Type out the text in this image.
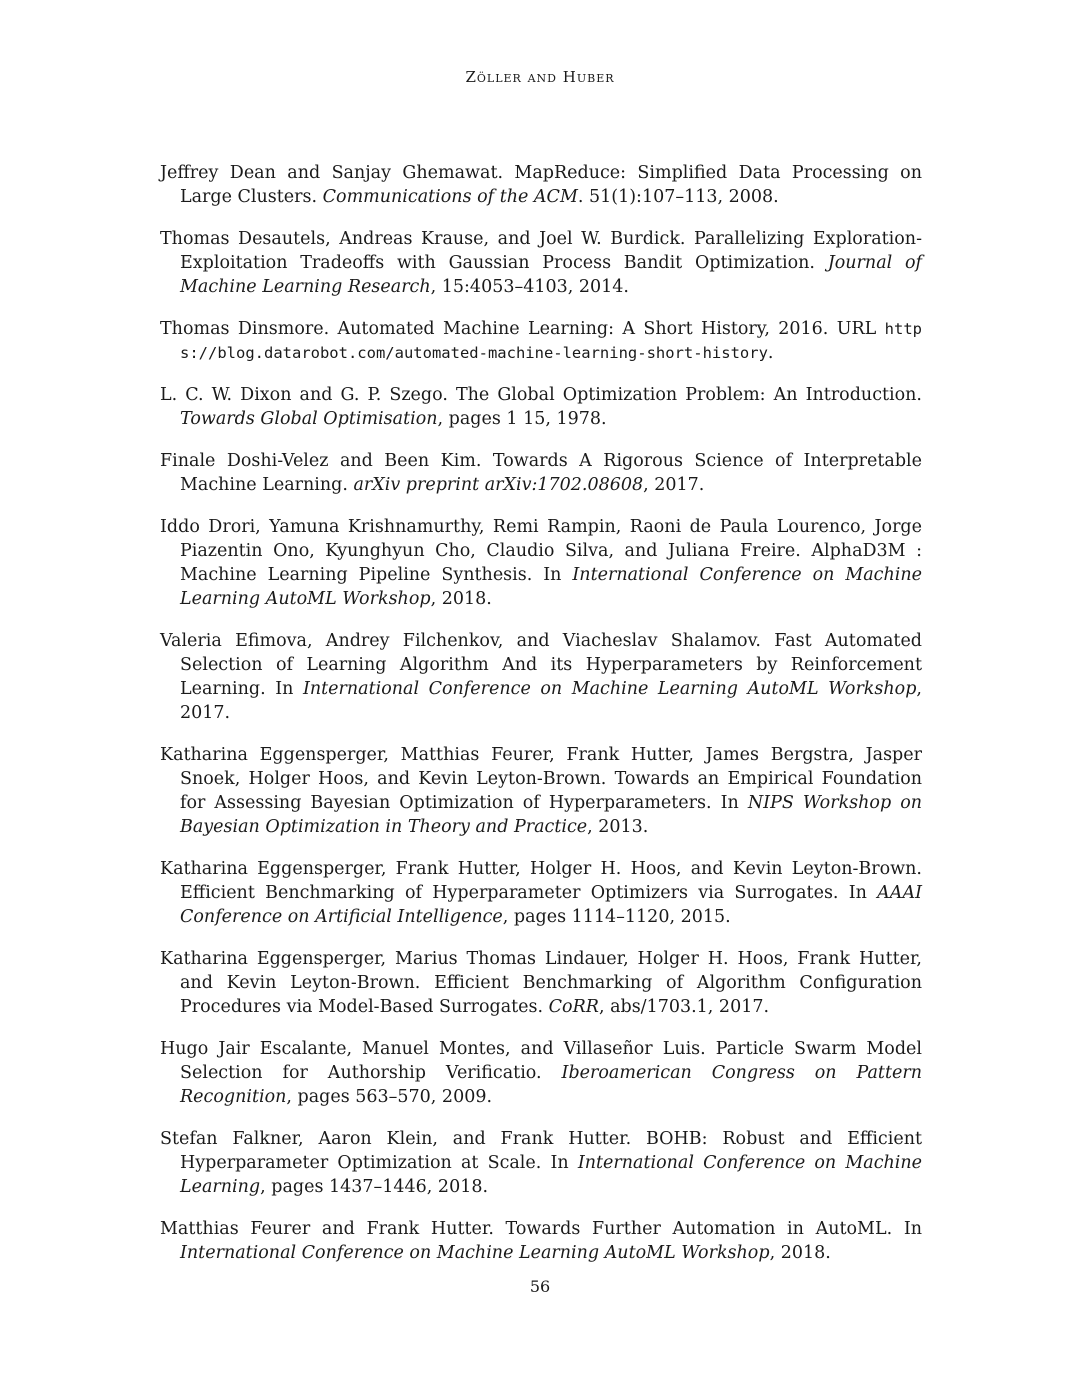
Zöller and Huber
Jeffrey Dean and Sanjay Ghemawat. MapReduce: Simplified Data Processing on Large Clusters. Communications of the ACM. 51(1):107–113, 2008.
Thomas Desautels, Andreas Krause, and Joel W. Burdick. Parallelizing Exploration-Exploitation Tradeoffs with Gaussian Process Bandit Optimization. Journal of Machine Learning Research, 15:4053–4103, 2014.
Thomas Dinsmore. Automated Machine Learning: A Short History, 2016. URL https://blog.datarobot.com/automated-machine-learning-short-history.
L. C. W. Dixon and G. P. Szego. The Global Optimization Problem: An Introduction. Towards Global Optimisation, pages 1 15, 1978.
Finale Doshi-Velez and Been Kim. Towards A Rigorous Science of Interpretable Machine Learning. arXiv preprint arXiv:1702.08608, 2017.
Iddo Drori, Yamuna Krishnamurthy, Remi Rampin, Raoni de Paula Lourenco, Jorge Piazentin Ono, Kyunghyun Cho, Claudio Silva, and Juliana Freire. AlphaD3M : Machine Learning Pipeline Synthesis. In International Conference on Machine Learning AutoML Workshop, 2018.
Valeria Efimova, Andrey Filchenkov, and Viacheslav Shalamov. Fast Automated Selection of Learning Algorithm And its Hyperparameters by Reinforcement Learning. In International Conference on Machine Learning AutoML Workshop, 2017.
Katharina Eggensperger, Matthias Feurer, Frank Hutter, James Bergstra, Jasper Snoek, Holger Hoos, and Kevin Leyton-Brown. Towards an Empirical Foundation for Assessing Bayesian Optimization of Hyperparameters. In NIPS Workshop on Bayesian Optimization in Theory and Practice, 2013.
Katharina Eggensperger, Frank Hutter, Holger H. Hoos, and Kevin Leyton-Brown. Efficient Benchmarking of Hyperparameter Optimizers via Surrogates. In AAAI Conference on Artificial Intelligence, pages 1114–1120, 2015.
Katharina Eggensperger, Marius Thomas Lindauer, Holger H. Hoos, Frank Hutter, and Kevin Leyton-Brown. Efficient Benchmarking of Algorithm Configuration Procedures via Model-Based Surrogates. CoRR, abs/1703.1, 2017.
Hugo Jair Escalante, Manuel Montes, and Villaseñor Luis. Particle Swarm Model Selection for Authorship Verificatio. Iberoamerican Congress on Pattern Recognition, pages 563–570, 2009.
Stefan Falkner, Aaron Klein, and Frank Hutter. BOHB: Robust and Efficient Hyperparameter Optimization at Scale. In International Conference on Machine Learning, pages 1437–1446, 2018.
Matthias Feurer and Frank Hutter. Towards Further Automation in AutoML. In International Conference on Machine Learning AutoML Workshop, 2018.
56
